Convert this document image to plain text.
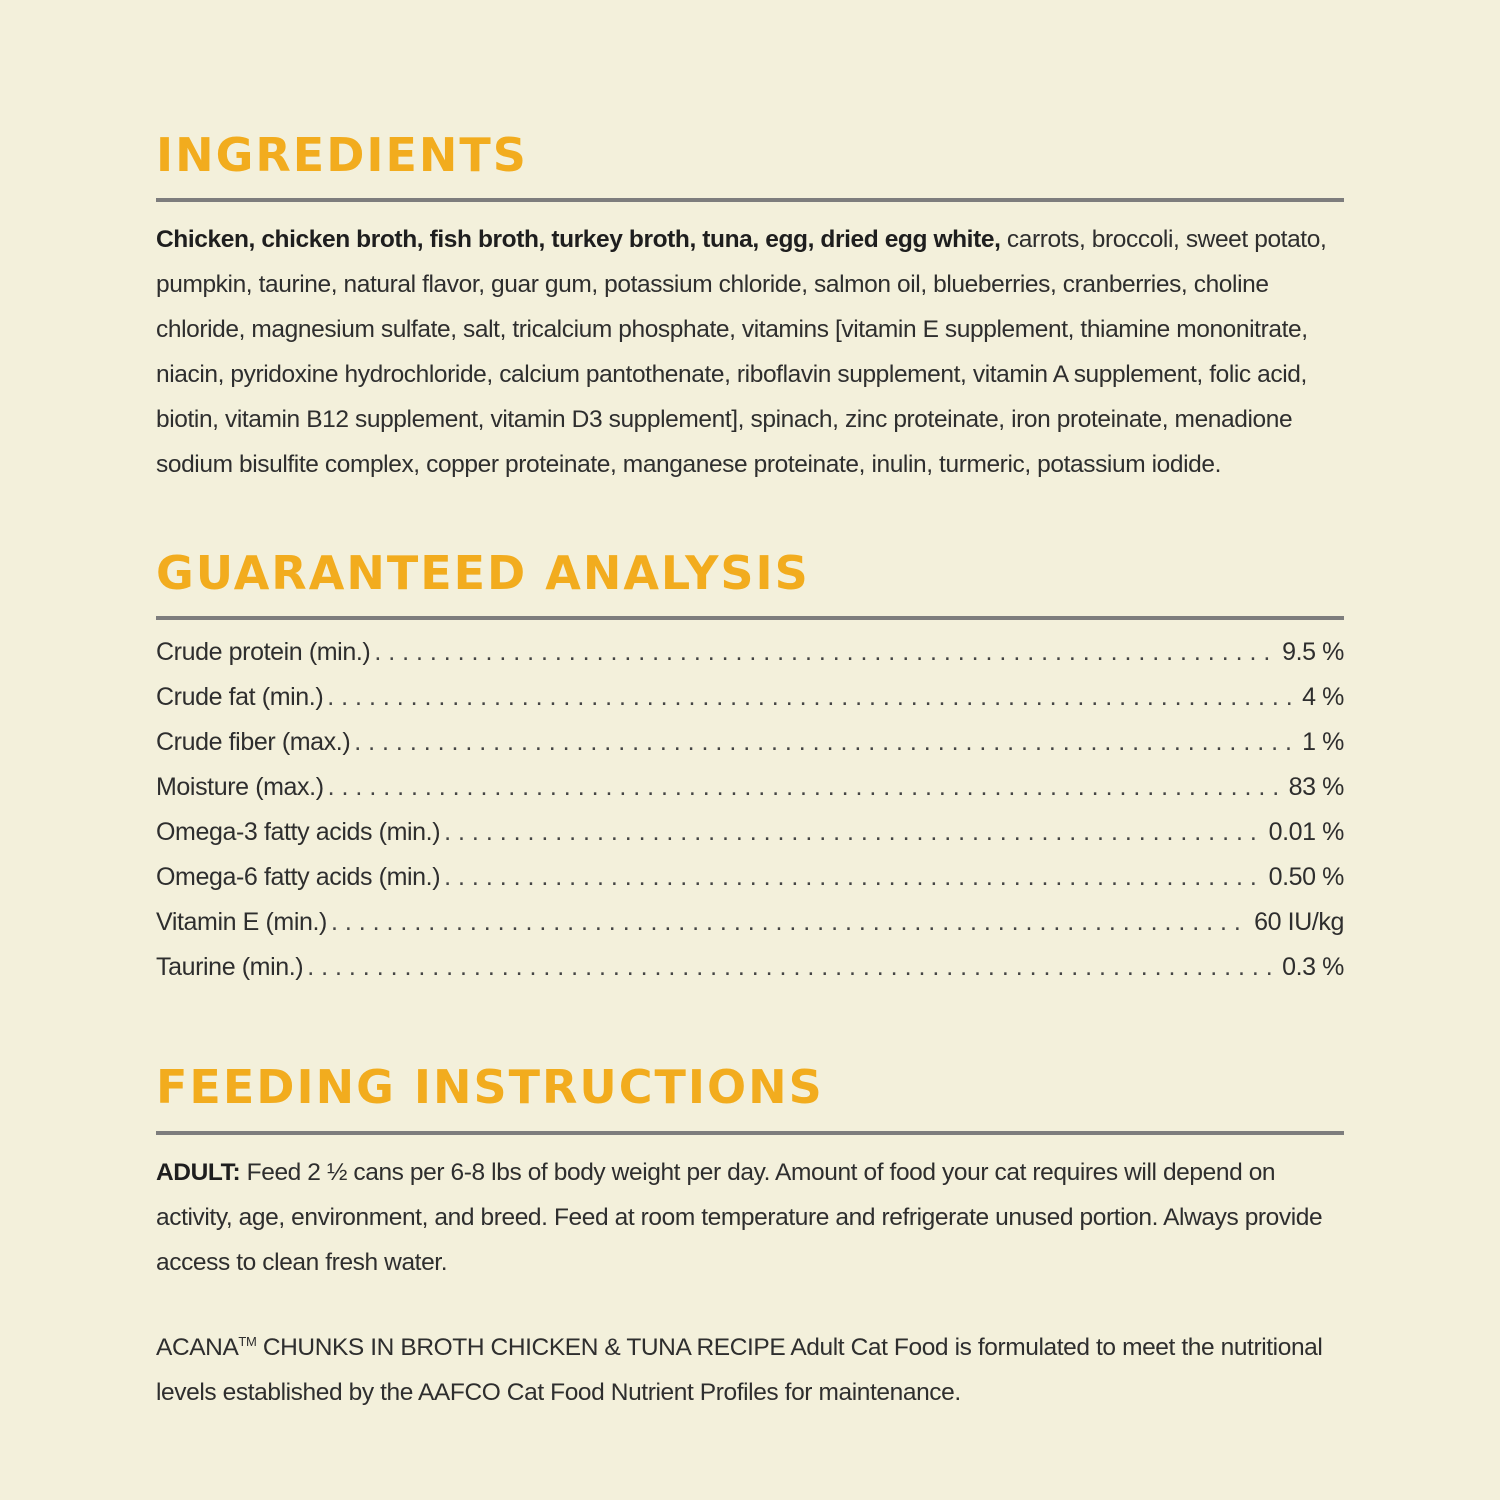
INGREDIENTS

Chicken, chicken broth, fish broth, turkey broth, tuna, egg, dried egg white, carrots, broccoli, sweet potato, pumpkin, taurine, natural flavor, guar gum, potassium chloride, salmon oil, blueberries, cranberries, choline chloride, magnesium sulfate, salt, tricalcium phosphate, vitamins [vitamin E supplement, thiamine mononitrate, niacin, pyridoxine hydrochloride, calcium pantothenate, riboflavin supplement, vitamin A supplement, folic acid, biotin, vitamin B12 supplement, vitamin D3 supplement], spinach, zinc proteinate, iron proteinate, menadione sodium bisulfite complex, copper proteinate, manganese proteinate, inulin, turmeric, potassium iodide.

GUARANTEED ANALYSIS
Crude protein (min.) . . .	9.5 %
Crude fat (min.) . . .	4 %
Crude fiber (max.) . . .	1 %
Moisture (max.) . . .	83 %
Omega-3 fatty acids (min.) . . .	0.01 %
Omega-6 fatty acids (min.) . . .	0.50 %
Vitamin E (min.) . . .	60 IU/kg
Taurine (min.) . . .	0.3 %
FEEDING INSTRUCTIONS

ADULT: Feed 2 ½ cans per 6-8 lbs of body weight per day. Amount of food your cat requires will depend on activity, age, environment, and breed. Feed at room temperature and refrigerate unused portion. Always provide access to clean fresh water.

ACANA™ CHUNKS IN BROTH CHICKEN & TUNA RECIPE Adult Cat Food is formulated to meet the nutritional levels established by the AAFCO Cat Food Nutrient Profiles for maintenance.
